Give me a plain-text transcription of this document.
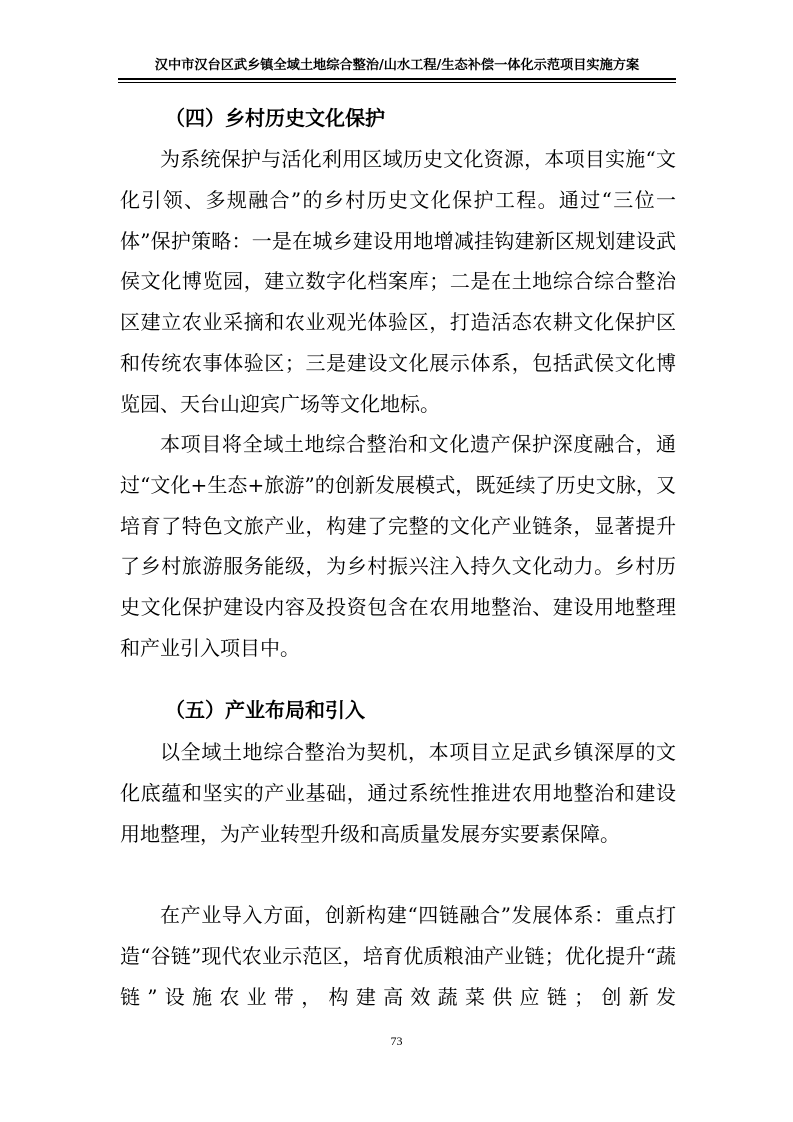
汉中市汉台区武乡镇全域土地综合整治/山水工程/生态补偿一体化示范项目实施方案
（四）乡村历史文化保护
为系统保护与活化利用区域历史文化资源，本项目实施“文化引领、多规融合”的乡村历史文化保护工程。通过“三位一体”保护策略：一是在城乡建设用地增减挂钩建新区规划建设武侯文化博览园，建立数字化档案库；二是在土地综合综合整治区建立农业采摘和农业观光体验区，打造活态农耕文化保护区和传统农事体验区；三是建设文化展示体系，包括武侯文化博览园、天台山迎宾广场等文化地标。
本项目将全域土地综合整治和文化遗产保护深度融合，通过“文化+生态+旅游”的创新发展模式，既延续了历史文脉，又培育了特色文旅产业，构建了完整的文化产业链条，显著提升了乡村旅游服务能级，为乡村振兴注入持久文化动力。乡村历史文化保护建设内容及投资包含在农用地整治、建设用地整理和产业引入项目中。
（五）产业布局和引入
以全域土地综合整治为契机，本项目立足武乡镇深厚的文化底蕴和坚实的产业基础，通过系统性推进农用地整治和建设用地整理，为产业转型升级和高质量发展夯实要素保障。
在产业导入方面，创新构建“四链融合”发展体系：重点打造“谷链”现代农业示范区，培育优质粮油产业链；优化提升“蔬链”设施农业带，构建高效蔬菜供应链；创新发
73
